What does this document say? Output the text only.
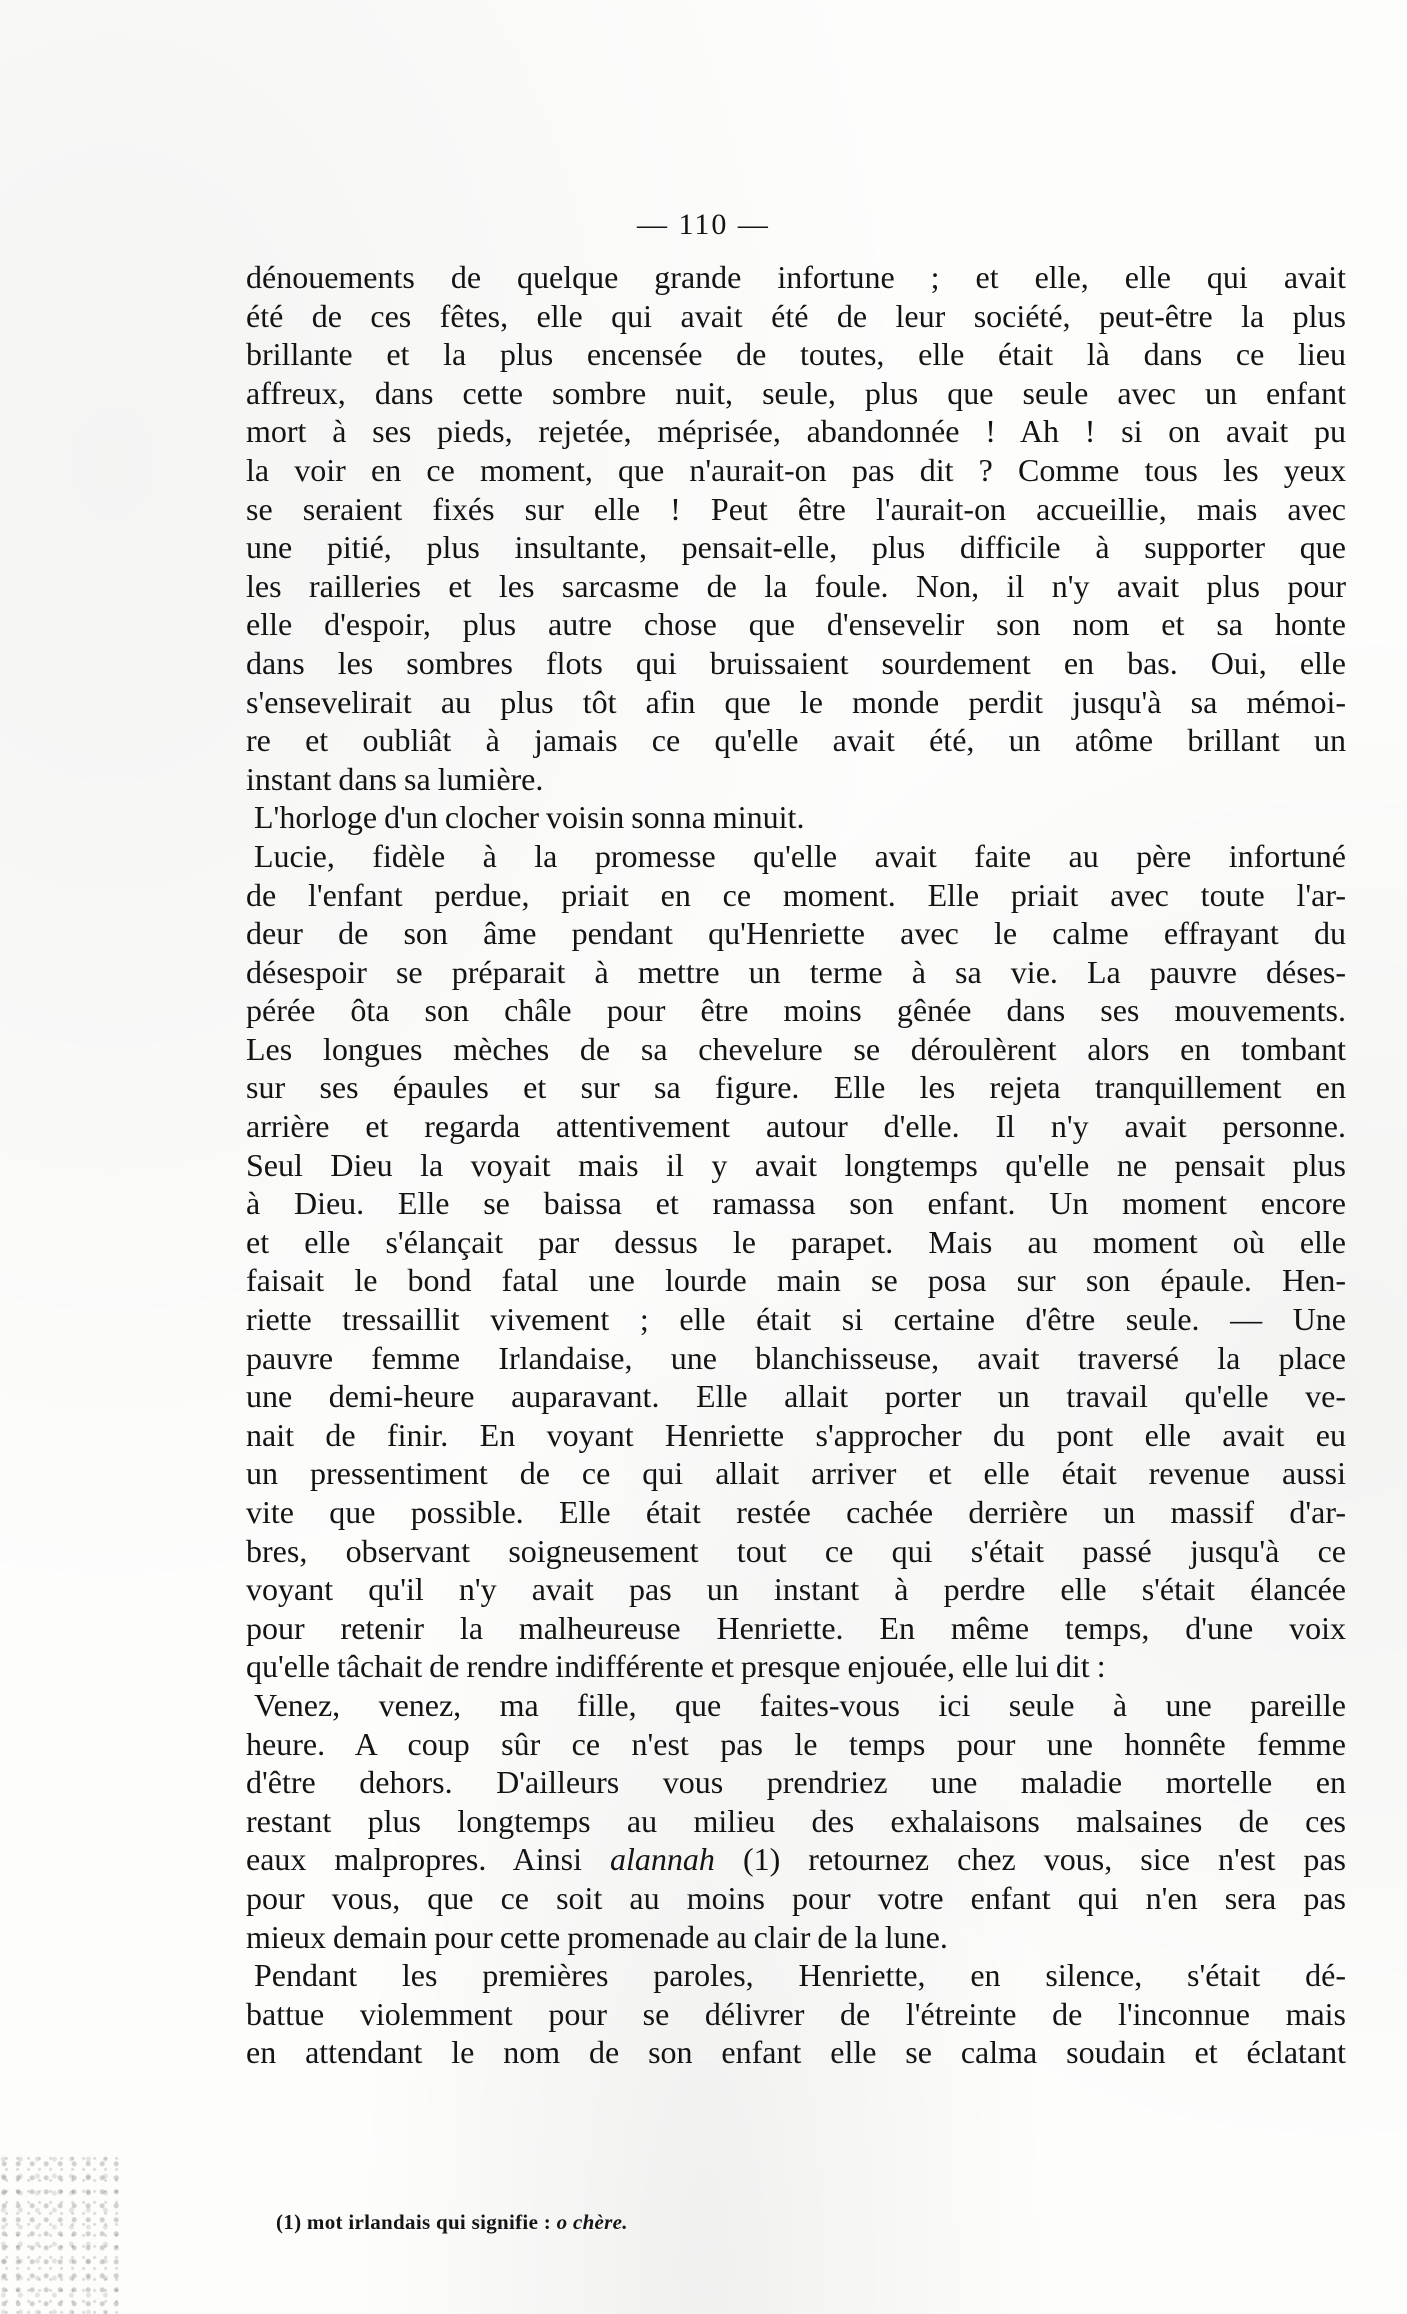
— 110 —
dénouements de quelque grande infortune ; et elle, elle qui avait
été de ces fêtes, elle qui avait été de leur société, peut-être la plus
brillante et la plus encensée de toutes, elle était là dans ce lieu
affreux, dans cette sombre nuit, seule, plus que seule avec un enfant
mort à ses pieds, rejetée, méprisée, abandonnée ! Ah ! si on avait pu
la voir en ce moment, que n'aurait-on pas dit ? Comme tous les yeux
se seraient fixés sur elle ! Peut être l'aurait-on accueillie, mais avec
une pitié, plus insultante, pensait-elle, plus difficile à supporter que
les railleries et les sarcasme de la foule. Non, il n'y avait plus pour
elle d'espoir, plus autre chose que d'ensevelir son nom et sa honte
dans les sombres flots qui bruissaient sourdement en bas. Oui, elle
s'ensevelirait au plus tôt afin que le monde perdit jusqu'à sa mémoi-
re et oubliât à jamais ce qu'elle avait été, un atôme brillant un
instant dans sa lumière.
L'horloge d'un clocher voisin sonna minuit.
Lucie, fidèle à la promesse qu'elle avait faite au père infortuné
de l'enfant perdue, priait en ce moment. Elle priait avec toute l'ar-
deur de son âme pendant qu'Henriette avec le calme effrayant du
désespoir se préparait à mettre un terme à sa vie. La pauvre déses-
pérée ôta son châle pour être moins gênée dans ses mouvements.
Les longues mèches de sa chevelure se déroulèrent alors en tombant
sur ses épaules et sur sa figure. Elle les rejeta tranquillement en
arrière et regarda attentivement autour d'elle. Il n'y avait personne.
Seul Dieu la voyait mais il y avait longtemps qu'elle ne pensait plus
à Dieu. Elle se baissa et ramassa son enfant. Un moment encore
et elle s'élançait par dessus le parapet. Mais au moment où elle
faisait le bond fatal une lourde main se posa sur son épaule. Hen-
riette tressaillit vivement ; elle était si certaine d'être seule. — Une
pauvre femme Irlandaise, une blanchisseuse, avait traversé la place
une demi-heure auparavant. Elle allait porter un travail qu'elle ve-
nait de finir. En voyant Henriette s'approcher du pont elle avait eu
un pressentiment de ce qui allait arriver et elle était revenue aussi
vite que possible. Elle était restée cachée derrière un massif d'ar-
bres, observant soigneusement tout ce qui s'était passé jusqu'à ce
voyant qu'il n'y avait pas un instant à perdre elle s'était élancée
pour retenir la malheureuse Henriette. En même temps, d'une voix
qu'elle tâchait de rendre indifférente et presque enjouée, elle lui dit :
Venez, venez, ma fille, que faites-vous ici seule à une pareille
heure. A coup sûr ce n'est pas le temps pour une honnête femme
d'être dehors. D'ailleurs vous prendriez une maladie mortelle en
restant plus longtemps au milieu des exhalaisons malsaines de ces
eaux malpropres. Ainsi alannah (1) retournez chez vous, sice n'est pas
pour vous, que ce soit au moins pour votre enfant qui n'en sera pas
mieux demain pour cette promenade au clair de la lune.
Pendant les premières paroles, Henriette, en silence, s'était dé-
battue violemment pour se délivrer de l'étreinte de l'inconnue mais
en attendant le nom de son enfant elle se calma soudain et éclatant
(1) mot irlandais qui signifie : o chère.
